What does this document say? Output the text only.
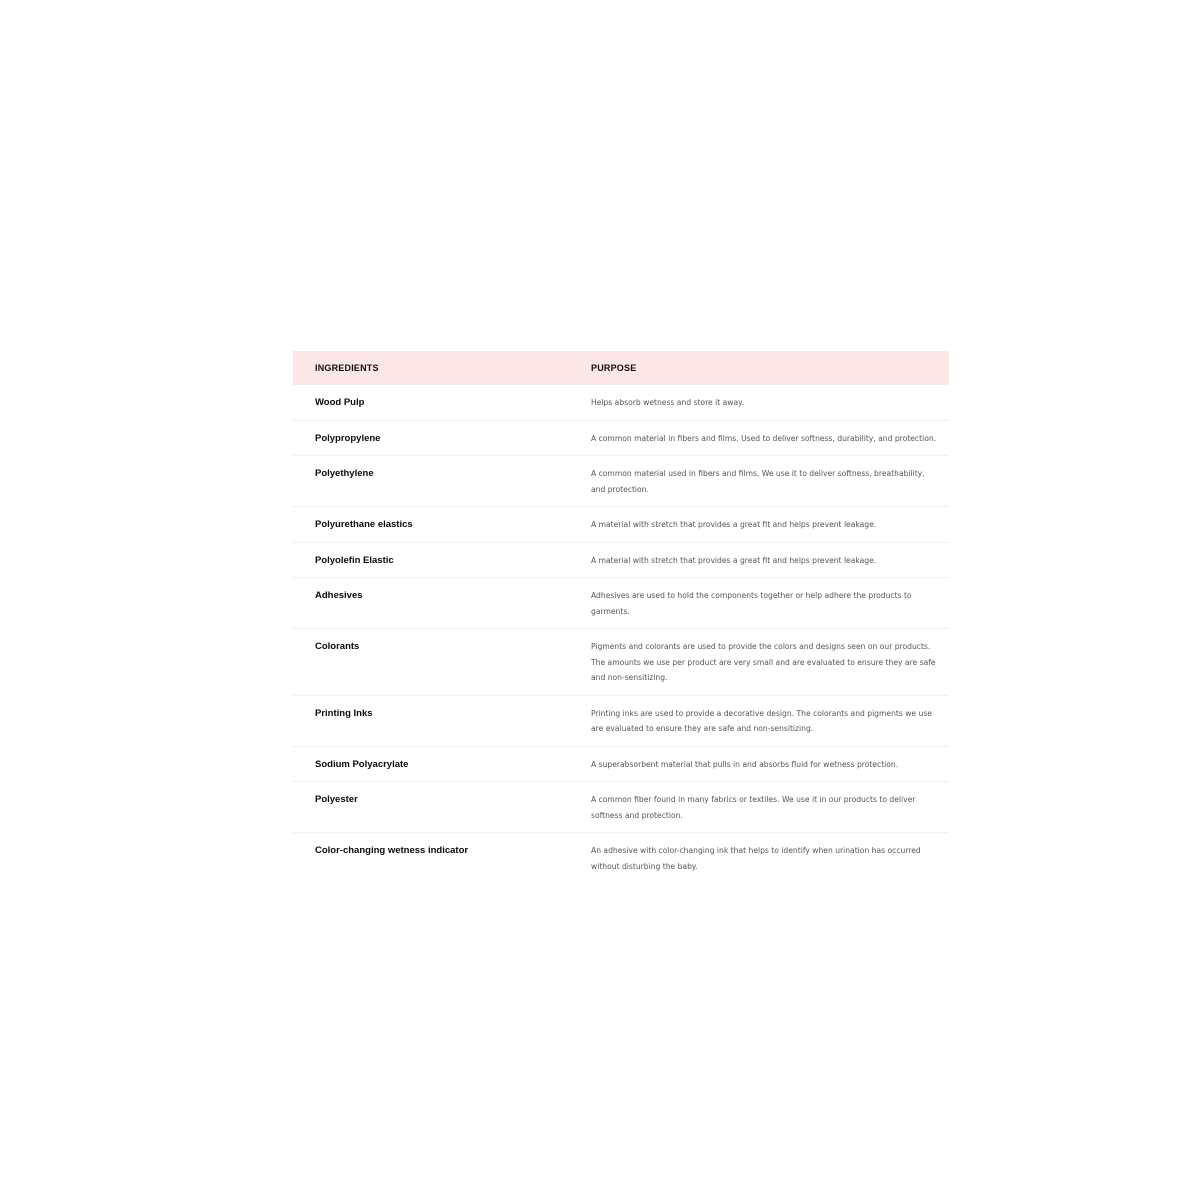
INGREDIENTS	PURPOSE
Wood Pulp	Helps absorb wetness and store it away.
Polypropylene	A common material in fibers and films. Used to deliver softness, durability, and protection.
Polyethylene	A common material used in fibers and films. We use it to deliver softness, breathability, and protection.
Polyurethane elastics	A material with stretch that provides a great fit and helps prevent leakage.
Polyolefin Elastic	A material with stretch that provides a great fit and helps prevent leakage.
Adhesives	Adhesives are used to hold the components together or help adhere the products to garments.
Colorants	Pigments and colorants are used to provide the colors and designs seen on our products. The amounts we use per product are very small and are evaluated to ensure they are safe and non-sensitizing.
Printing Inks	Printing inks are used to provide a decorative design. The colorants and pigments we use are evaluated to ensure they are safe and non-sensitizing.
Sodium Polyacrylate	A superabsorbent material that pulls in and absorbs fluid for wetness protection.
Polyester	A common fiber found in many fabrics or textiles. We use it in our products to deliver softness and protection.
Color-changing wetness indicator	An adhesive with color-changing ink that helps to identify when urination has occurred without disturbing the baby.
